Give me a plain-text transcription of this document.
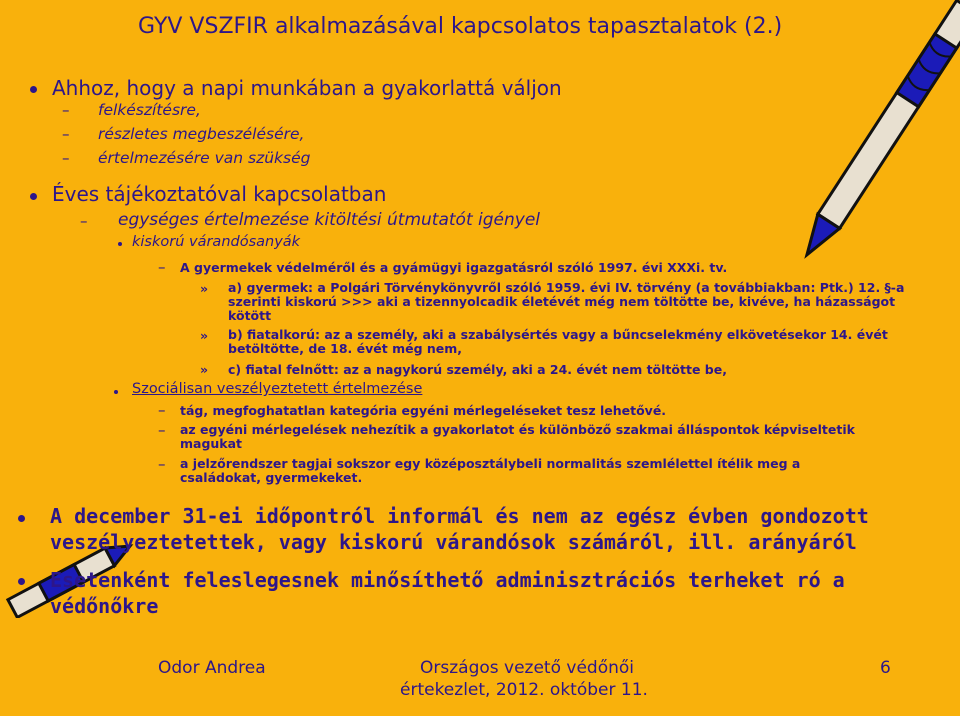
GYV VSZFIR alkalmazásával kapcsolatos tapasztalatok (2.)
Ahhoz, hogy a napi munkában a gyakorlattá váljon
– felkészítésre,
– részletes megbeszélésére,
– értelmezésére van szükség
Éves tájékoztatóval kapcsolatban
– egységes értelmezése kitöltési útmutatót igényel
kiskorú várandósanyák
– A gyermekek védelméről és a gyámügyi igazgatásról szóló 1997. évi XXXi. tv.
» a) gyermek: a Polgári Törvénykönyvről szóló 1959. évi IV. törvény (a továbbiakban: Ptk.) 12. §-a szerinti kiskorú >>> aki a tizennyolcadik életévét még nem töltötte be, kivéve, ha házasságot kötött
» b) fiatalkorú: az a személy, aki a szabálysértés vagy a bűncselekmény elkövetésekor 14. évét betöltötte, de 18. évét még nem,
» c) fiatal felnőtt: az a nagykorú személy, aki a 24. évét nem töltötte be,
Szociálisan veszélyeztetett értelmezése
– tág, megfoghatatlan kategória egyéni mérlegeléseket tesz lehetővé.
– az egyéni mérlegelések nehezítik a gyakorlatot és különböző szakmai álláspontok képviseltetik magukat
– a jelzőrendszer tagjai sokszor egy középosztálybeli normalitás szemlélettel ítélik meg a családokat, gyermekeket.
A december 31-ei időpontról informál és nem az egész évben gondozott veszélyeztetettek, vagy kiskorú várandósok számáról, ill. arányáról
Esetenként feleslegesnek minősíthető adminisztrációs terheket ró a védőnőkre
Odor Andrea	Országos vezető védőnői
értekezlet, 2012. október 11.
6
